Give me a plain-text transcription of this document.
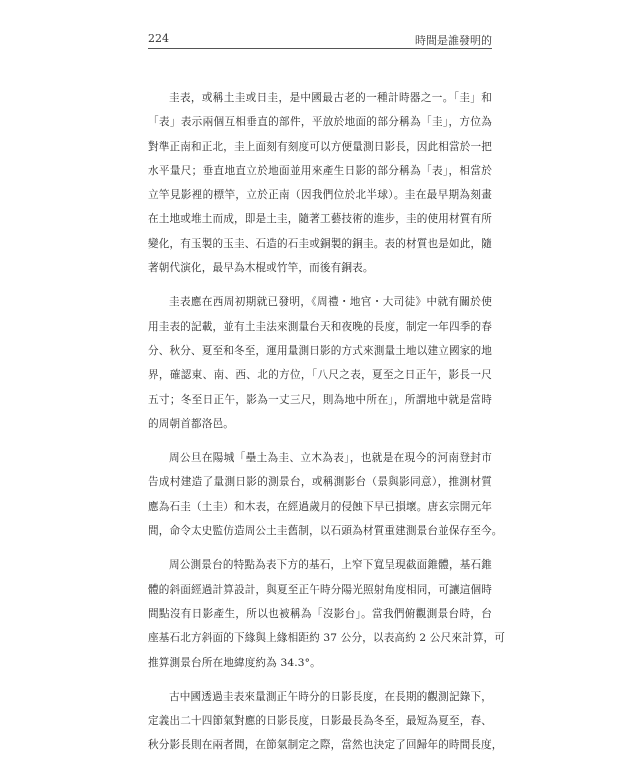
224	時間是誰發明的
圭表，或稱土圭或日圭，是中國最古老的一種計時器之一。「圭」和
「表」表示兩個互相垂直的部件，平放於地面的部分稱為「圭」，方位為
對準正南和正北，圭上面刻有刻度可以方便量測日影長，因此相當於一把
水平量尺；垂直地直立於地面並用來產生日影的部分稱為「表」，相當於
立竿見影裡的標竿，立於正南（因我們位於北半球）。圭在最早期為刻畫
在土地或堆土而成，即是土圭，隨著工藝技術的進步，圭的使用材質有所
變化，有玉製的玉圭、石造的石圭或銅製的銅圭。表的材質也是如此，隨
著朝代演化，最早為木棍或竹竿，而後有銅表。
圭表應在西周初期就已發明，《周禮・地官・大司徒》中就有關於使
用圭表的記載，並有土圭法來測量台天和夜晚的長度，制定一年四季的春
分、秋分、夏至和冬至，運用量測日影的方式來測量土地以建立國家的地
界，確認東、南、西、北的方位，「八尺之表，夏至之日正午，影長一尺
五寸；冬至日正午，影為一丈三尺，則為地中所在」，所謂地中就是當時
的周朝首都洛邑。
周公旦在陽城「壘土為圭、立木為表」，也就是在現今的河南登封市
告成村建造了量測日影的測景台，或稱測影台（景與影同意），推測材質
應為石圭（土圭）和木表，在經過歲月的侵蝕下早已損壞。唐玄宗開元年
間，命令太史監仿造周公土圭舊制，以石頭為材質重建測景台並保存至今。
周公測景台的特點為表下方的基石，上窄下寬呈現截面錐體，基石錐
體的斜面經過計算設計，與夏至正午時分陽光照射角度相同，可讓這個時
間點沒有日影產生，所以也被稱為「沒影台」。當我們俯觀測景台時，台
座基石北方斜面的下緣與上緣相距約 37 公分，以表高約 2 公尺來計算，可
推算測景台所在地緯度約為 34.3°。
古中國透過圭表來量測正午時分的日影長度，在長期的觀測記錄下，
定義出二十四節氣對應的日影長度，日影最長為冬至，最短為夏至，春、
秋分影長則在兩者間，在節氣制定之際，當然也決定了回歸年的時間長度，
